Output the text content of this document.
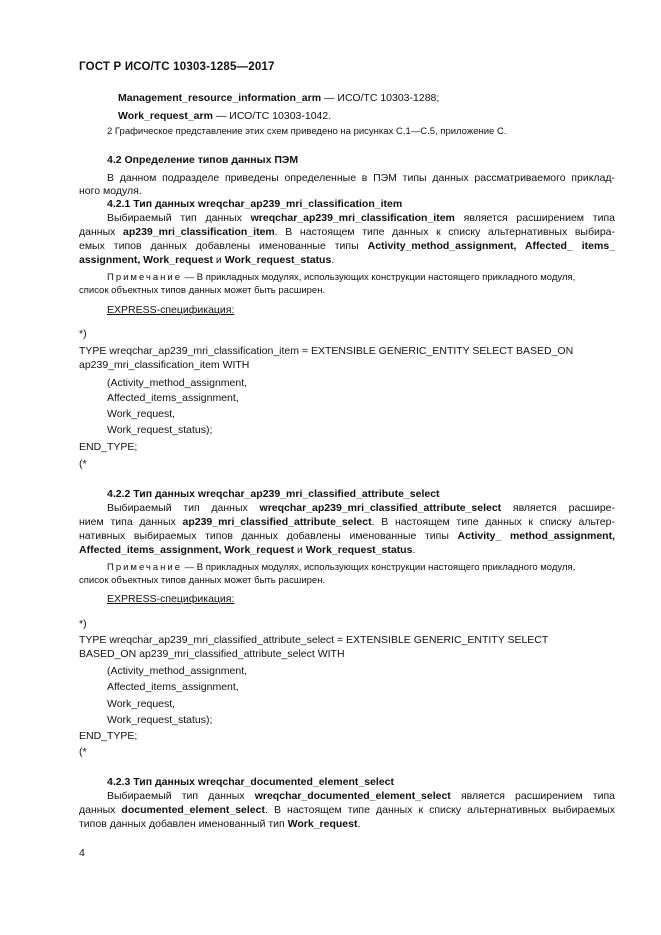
ГОСТ Р ИСО/ТС 10303-1285—2017
Management_resource_information_arm — ИСО/ТС 10303-1288;
Work_request_arm — ИСО/ТС 10303-1042.
2 Графическое представление этих схем приведено на рисунках C.1—C.5, приложение C.
4.2 Определение типов данных ПЭМ
В данном подразделе приведены определенные в ПЭМ типы данных рассматриваемого приклад-
ного модуля.
4.2.1 Тип данных wreqchar_ap239_mri_classification_item
Выбираемый тип данных wreqchar_ap239_mri_classification_item является расширением типа
данных ap239_mri_classification_item. В настоящем типе данных к списку альтернативных выбира-
емых типов данных добавлены именованные типы Activity_method_assignment, Affected_ items_
assignment, Work_request и Work_request_status.
Примечание — В прикладных модулях, использующих конструкции настоящего прикладного модуля,
список объектных типов данных может быть расширен.
EXPRESS-спецификация:
*)
TYPE wreqchar_ap239_mri_classification_item = EXTENSIBLE GENERIC_ENTITY SELECT BASED_ON
ap239_mri_classification_item WITH
(Activity_method_assignment,
Affected_items_assignment,
Work_request,
Work_request_status);
END_TYPE;
(*
4.2.2 Тип данных wreqchar_ap239_mri_classified_attribute_select
Выбираемый тип данных wreqchar_ap239_mri_classified_attribute_select является расшире-
нием типа данных ap239_mri_classified_attribute_select. В настоящем типе данных к списку альтер-
нативных выбираемых типов данных добавлены именованные типы Activity_ method_assignment,
Affected_items_assignment, Work_request и Work_request_status.
Примечание — В прикладных модулях, использующих конструкции настоящего прикладного модуля,
список объектных типов данных может быть расширен.
EXPRESS-спецификация:
*)
TYPE wreqchar_ap239_mri_classified_attribute_select = EXTENSIBLE GENERIC_ENTITY SELECT
BASED_ON ap239_mri_classified_attribute_select WITH
(Activity_method_assignment,
Affected_items_assignment,
Work_request,
Work_request_status);
END_TYPE;
(*
4.2.3 Тип данных wreqchar_documented_element_select
Выбираемый тип данных wreqchar_documented_element_select является расширением типа
данных documented_element_select. В настоящем типе данных к списку альтернативных выбираемых
типов данных добавлен именованный тип Work_request.
4
